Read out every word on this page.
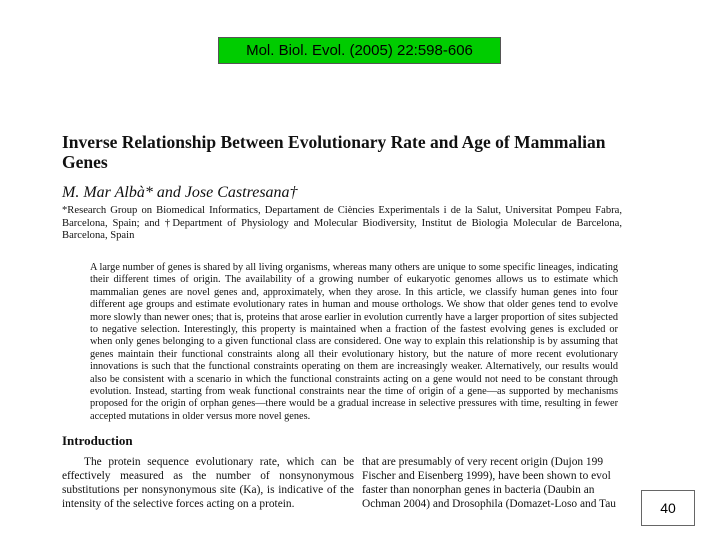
Mol. Biol. Evol. (2005) 22:598-606
Inverse Relationship Between Evolutionary Rate and Age of Mammalian Genes
M. Mar Albà* and Jose Castresana†
*Research Group on Biomedical Informatics, Departament de Ciències Experimentals i de la Salut, Universitat Pompeu Fabra, Barcelona, Spain; and †Department of Physiology and Molecular Biodiversity, Institut de Biologia Molecular de Barcelona, Barcelona, Spain
A large number of genes is shared by all living organisms, whereas many others are unique to some specific lineages, indicating their different times of origin. The availability of a growing number of eukaryotic genomes allows us to estimate which mammalian genes are novel genes and, approximately, when they arose. In this article, we classify human genes into four different age groups and estimate evolutionary rates in human and mouse orthologs. We show that older genes tend to evolve more slowly than newer ones; that is, proteins that arose earlier in evolution currently have a larger proportion of sites subjected to negative selection. Interestingly, this property is maintained when a fraction of the fastest evolving genes is excluded or when only genes belonging to a given functional class are considered. One way to explain this relationship is by assuming that genes maintain their functional constraints along all their evolutionary history, but the nature of more recent evolutionary innovations is such that the functional constraints operating on them are increasingly weaker. Alternatively, our results would also be consistent with a scenario in which the functional constraints acting on a gene would not need to be constant through evolution. Instead, starting from weak functional constraints near the time of origin of a gene—as supported by mechanisms proposed for the origin of orphan genes—there would be a gradual increase in selective pressures with time, resulting in fewer accepted mutations in older versus more novel genes.
Introduction

The protein sequence evolutionary rate, which can be effectively measured as the number of nonsynonymous substitutions per nonsynonymous site (Ka), is indicative of the intensity of the selective forces acting on a protein.

that are presumably of very recent origin (Dujon 199
Fischer and Eisenberg 1999), have been shown to evol
faster than nonorphan genes in bacteria (Daubin an
Ochman 2004) and Drosophila (Domazet-Loso and Tau	40
